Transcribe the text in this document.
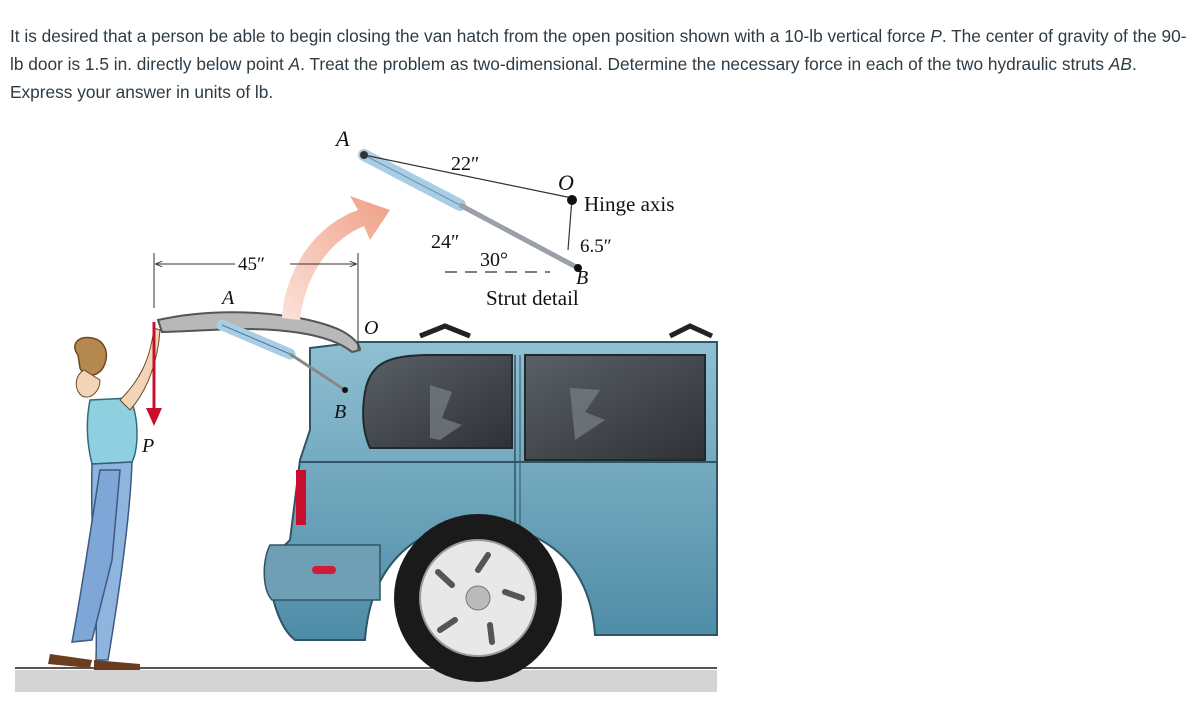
It is desired that a person be able to begin closing the van hatch from the open position shown with a 10-lb vertical force P. The center of gravity of the 90-lb door is 1.5 in. directly below point A. Treat the problem as two-dimensional. Determine the necessary force in each of the two hydraulic struts AB. Express your answer in units of lb.
45″
A
O
B
P
A
22″
O
Hinge axis
24″	6.5″
30°
B
Strut detail
